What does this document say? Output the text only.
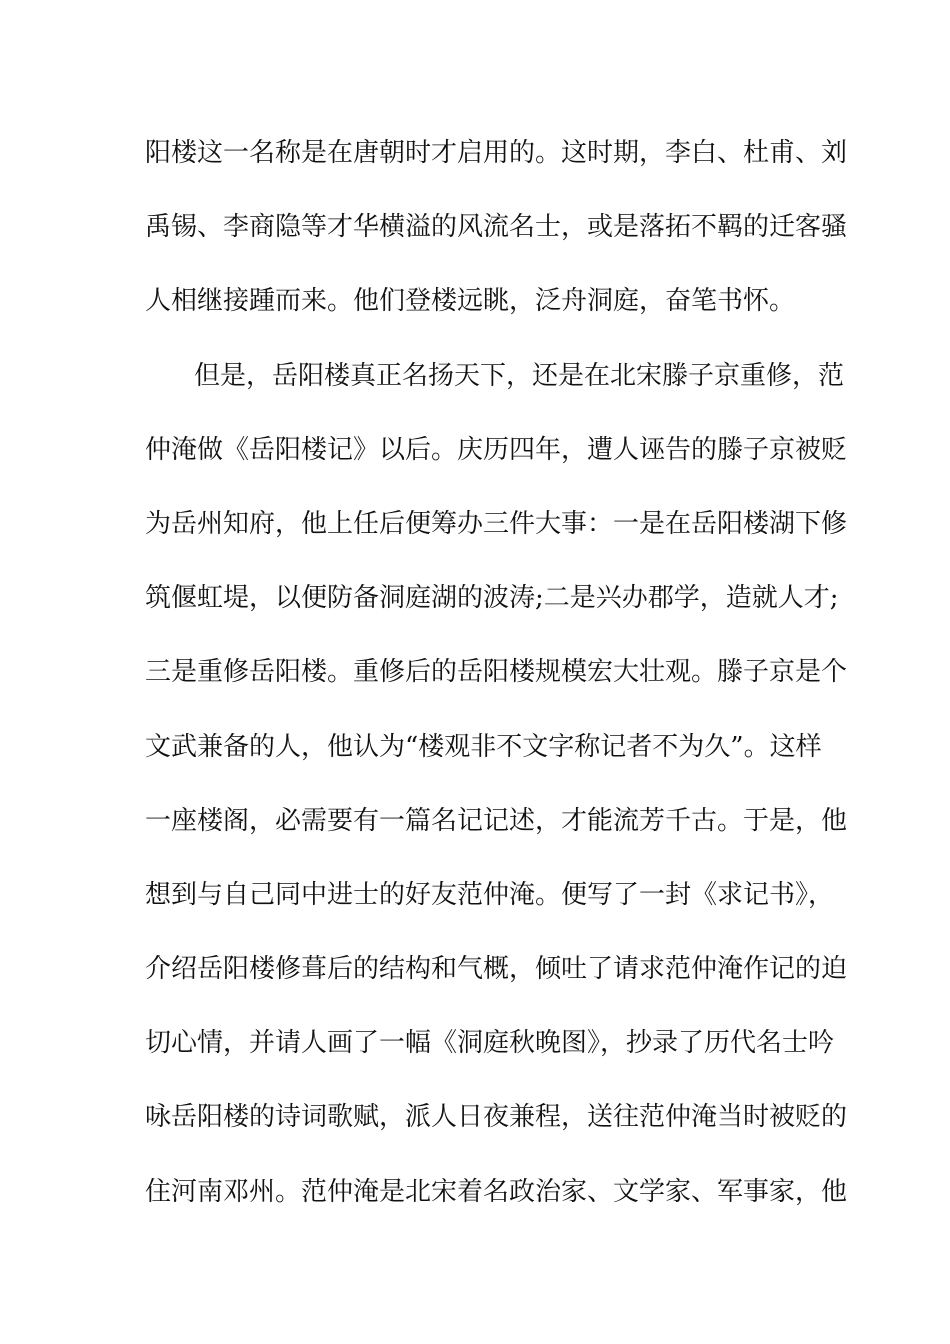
阳楼这一名称是在唐朝时才启用的。这时期，李白、杜甫、刘
禹锡、李商隐等才华横溢的风流名士，或是落拓不羁的迁客骚
人相继接踵而来。他们登楼远眺，泛舟洞庭，奋笔书怀。
但是，岳阳楼真正名扬天下，还是在北宋滕子京重修，范
仲淹做《岳阳楼记》以后。庆历四年，遭人诬告的滕子京被贬
为岳州知府，他上任后便筹办三件大事：一是在岳阳楼湖下修
筑偃虹堤，以便防备洞庭湖的波涛;二是兴办郡学，造就人才;
三是重修岳阳楼。重修后的岳阳楼规模宏大壮观。滕子京是个
文武兼备的人，他认为“楼观非不文字称记者不为久”。这样
一座楼阁，必需要有一篇名记记述，才能流芳千古。于是，他
想到与自己同中进士的好友范仲淹。便写了一封《求记书》，
介绍岳阳楼修葺后的结构和气概，倾吐了请求范仲淹作记的迫
切心情，并请人画了一幅《洞庭秋晚图》，抄录了历代名士吟
咏岳阳楼的诗词歌赋，派人日夜兼程，送往范仲淹当时被贬的
住河南邓州。范仲淹是北宋着名政治家、文学家、军事家，他
